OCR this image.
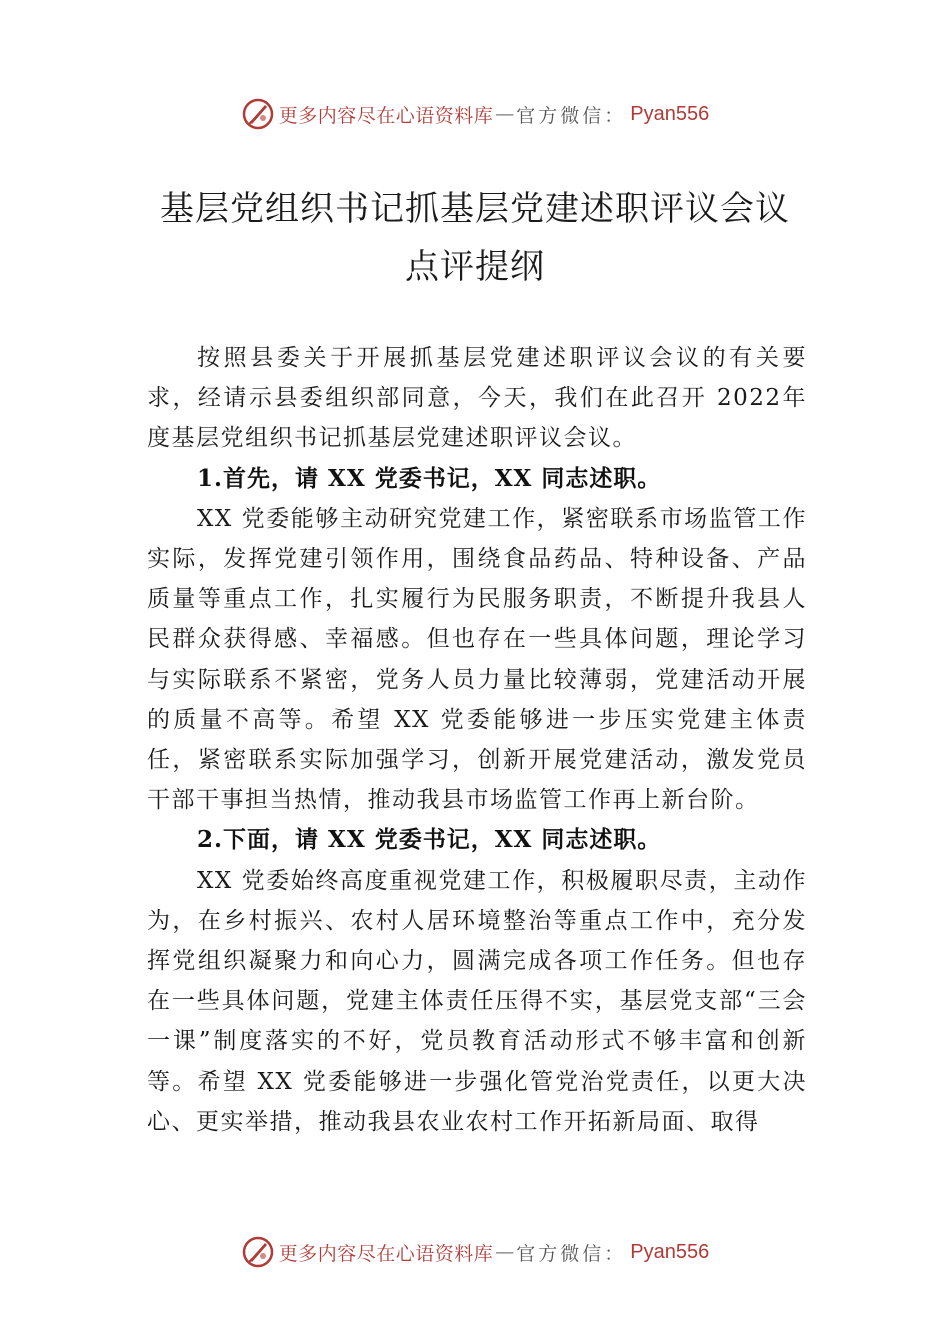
更多内容尽在心语资料库 — 官方微信： Pyan556
基层党组织书记抓基层党建述职评议会议
点评提纲

按照县委关于开展抓基层党建述职评议会议的有关要求，经请示县委组织部同意，今天，我们在此召开 2022年度基层党组织书记抓基层党建述职评议会议。

1.首先，请 XX 党委书记，XX 同志述职。

XX 党委能够主动研究党建工作，紧密联系市场监管工作实际，发挥党建引领作用，围绕食品药品、特种设备、产品质量等重点工作，扎实履行为民服务职责，不断提升我县人民群众获得感、幸福感。但也存在一些具体问题，理论学习与实际联系不紧密，党务人员力量比较薄弱，党建活动开展的质量不高等。希望 XX 党委能够进一步压实党建主体责任，紧密联系实际加强学习，创新开展党建活动，激发党员干部干事担当热情，推动我县市场监管工作再上新台阶。

2.下面，请 XX 党委书记，XX 同志述职。

XX 党委始终高度重视党建工作，积极履职尽责，主动作为，在乡村振兴、农村人居环境整治等重点工作中，充分发挥党组织凝聚力和向心力，圆满完成各项工作任务。但也存在一些具体问题，党建主体责任压得不实，基层党支部“三会一课”制度落实的不好，党员教育活动形式不够丰富和创新等。希望 XX 党委能够进一步强化管党治党责任，以更大决心、更实举措，推动我县农业农村工作开拓新局面、取得

更多内容尽在心语资料库 — 官方微信： Pyan556
